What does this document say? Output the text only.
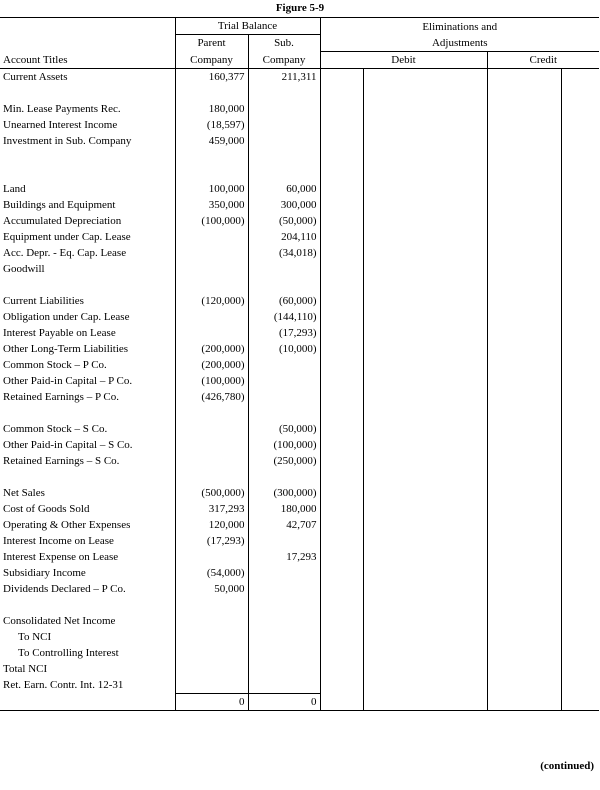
Figure 5-9
	Trial Balance		Eliminations and			
	Parent	Sub.	Adjustments			
Account Titles	Company	Company	Debit		Credit	
Current Assets	160,377	211,311				

Min. Lease Payments Rec.	180,000					
Unearned Interest Income	(18,597)					
Investment in Sub. Company	459,000					

Land	100,000	60,000				
Buildings and Equipment	350,000	300,000				
Accumulated Depreciation	(100,000)	(50,000)				
Equipment under Cap. Lease		204,110				
Acc. Depr. - Eq. Cap. Lease		(34,018)				
Goodwill						

Current Liabilities	(120,000)	(60,000)				
Obligation under Cap. Lease		(144,110)				
Interest Payable on Lease		(17,293)				
Other Long-Term Liabilities	(200,000)	(10,000)				
Common Stock – P Co.	(200,000)					
Other Paid-in Capital – P Co.	(100,000)					
Retained Earnings – P Co.	(426,780)					

Common Stock – S Co.		(50,000)				
Other Paid-in Capital – S Co.		(100,000)				
Retained Earnings – S Co.		(250,000)				

Net Sales	(500,000)	(300,000)				
Cost of Goods Sold	317,293	180,000				
Operating & Other Expenses	120,000	42,707				
Interest Income on Lease	(17,293)					
Interest Expense on Lease		17,293				
Subsidiary Income	(54,000)					
Dividends Declared – P Co.	50,000					

Consolidated Net Income						
To NCI						
To Controlling Interest						
Total NCI						
Ret. Earn. Contr. Int. 12-31						
	0	0				
(continued)
